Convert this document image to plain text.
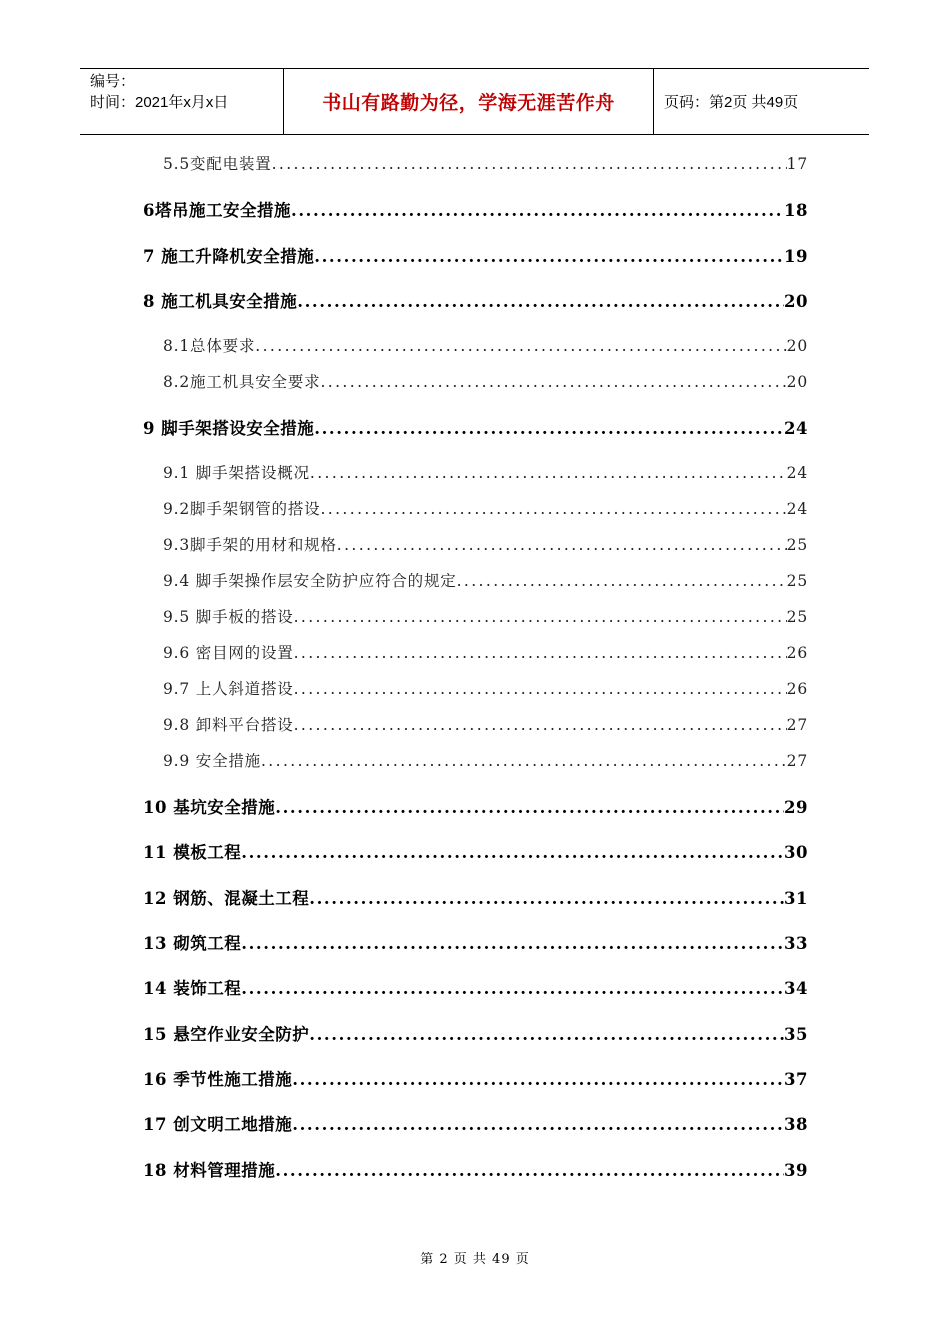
编号：
时间：2021年x月x日	书山有路勤为径，学海无涯苦作舟	页码：第2页 共49页
5.5变配电装置 .....	17
6塔吊施工安全措施 .....	18
7 施工升降机安全措施 .....	19
8 施工机具安全措施 .....	20
8.1总体要求 .....	20
8.2施工机具安全要求 .....	20
9 脚手架搭设安全措施 .....	24
9.1 脚手架搭设概况 .....	24
9.2脚手架钢管的搭设 .....	24
9.3脚手架的用材和规格 .....	25
9.4 脚手架操作层安全防护应符合的规定 .....	25
9.5 脚手板的搭设 .....	25
9.6 密目网的设置 .....	26
9.7 上人斜道搭设 .....	26
9.8 卸料平台搭设 .....	27
9.9 安全措施 .....	27
10 基坑安全措施 .....	29
11 模板工程 .....	30
12 钢筋、混凝土工程 .....	31
13 砌筑工程 .....	33
14 装饰工程 .....	34
15 悬空作业安全防护 .....	35
16 季节性施工措施 .....	37
17 创文明工地措施 .....	38
18 材料管理措施 .....	39
第 2 页 共 49 页
